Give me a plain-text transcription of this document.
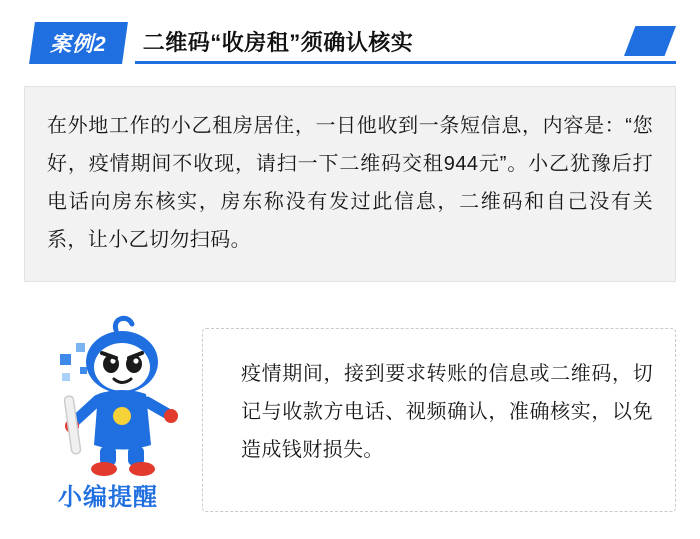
案例2 二维码“收房租”须确认核实
在外地工作的小乙租房居住，一日他收到一条短信息，内容是：“您好，疫情期间不收现，请扫一下二维码交租944元”。小乙犹豫后打电话向房东核实，房东称没有发过此信息，二维码和自己没有关系，让小乙切勿扫码。
小编提醒
疫情期间，接到要求转账的信息或二维码，切记与收款方电话、视频确认，准确核实，以免造成钱财损失。
